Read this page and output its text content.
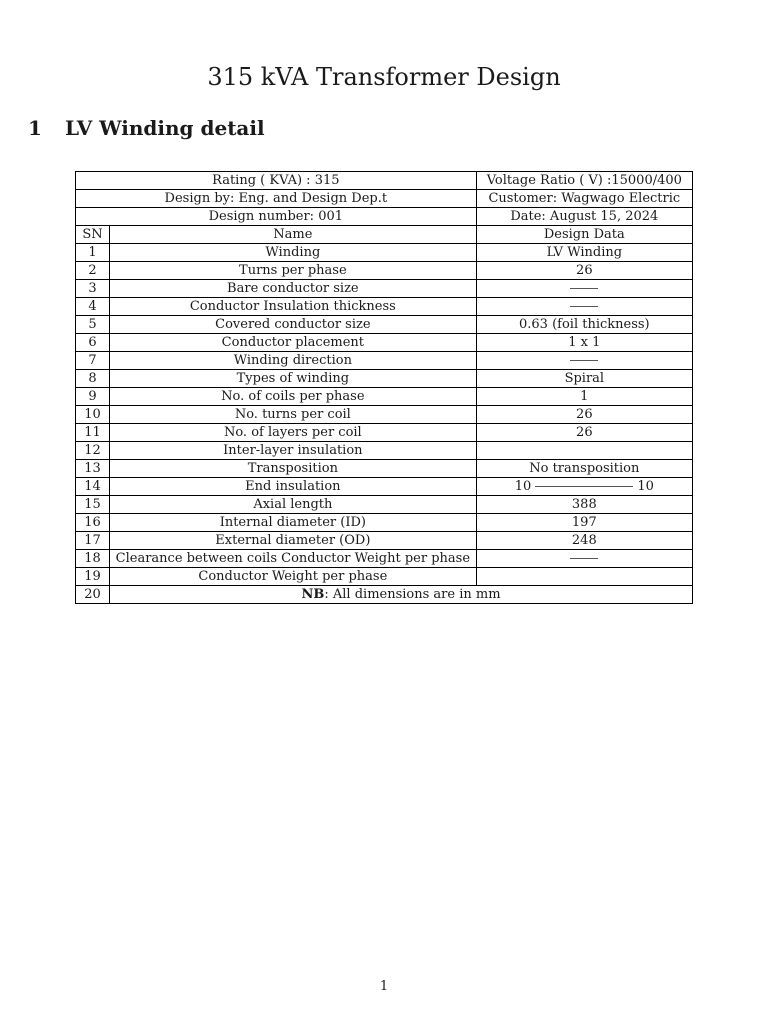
315 kVA Transformer Design
1 LV Winding detail
Rating ( KVA) : 315		Voltage Ratio ( V) :15000/400
Design by: Eng. and Design Dep.t		Customer: Wagwago Electric
Design number: 001		Date: August 15, 2024
SN	Name	Design Data
1	Winding	LV Winding
2	Turns per phase	26
3	Bare conductor size	
4	Conductor Insulation thickness	
5	Covered conductor size	0.63 (foil thickness)
6	Conductor placement	1 x 1
7	Winding direction	
8	Types of winding	Spiral
9	No. of coils per phase	1
10	No. turns per coil	26
11	No. of layers per coil	26
12	Inter-layer insulation	
13	Transposition	No transposition
14	End insulation	10 10
15	Axial length	388
16	Internal diameter (ID)	197
17	External diameter (OD)	248
18	Clearance between coils Conductor Weight per phase	
19	Conductor Weight per phase	
20	NB: All dimensions are in mm	
1
